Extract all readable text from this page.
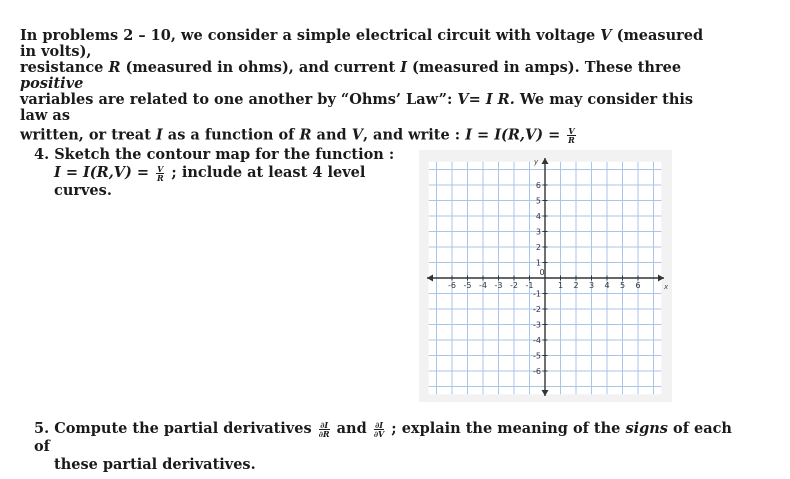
In problems 2 – 10, we consider a simple electrical circuit with voltage V (measured in volts),
resistance R (measured in ohms), and current I (measured in amps). These three positive
variables are related to one another by “Ohms’ Law”: V= I R. We may consider this law as
written, or treat I as a function of R and V, and write : $I = I(R,V) = \frac{V}{R}$
4. Sketch the contour map for the function :
$I = I(R,V) = \frac{V}{R}$ ; include at least 4 level curves.
x
y
-6 -5 -4 -3 -2 -1
0
1 2 3 4 5 6
6
5
4
3
2
1
-1
-2
-3
-4
-5
-6
5. Compute the partial derivatives $\frac{\partial I}{\partial R}$ and $\frac{\partial I}{\partial V}$ ; explain the meaning of the signs of each of
these partial derivatives.
